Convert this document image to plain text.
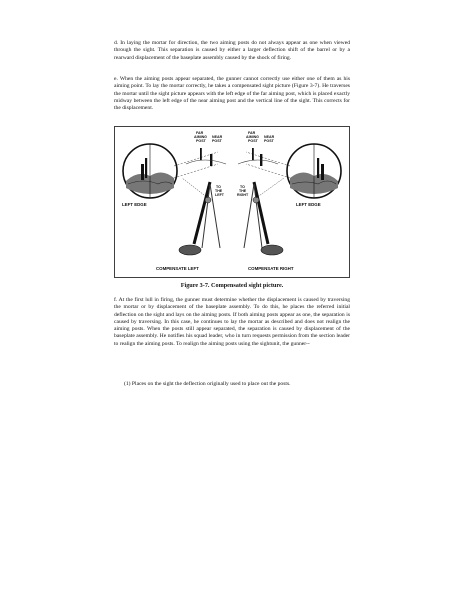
d. In laying the mortar for direction, the two aiming posts do not always appear as one when viewed through the sight. This separation is caused by either a larger deflection shift of the barrel or by a rearward displacement of the baseplate assembly caused by the shock of firing.

e. When the aiming posts appear separated, the gunner cannot correctly use either one of them as his aiming point. To lay the mortar correctly, he takes a compensated sight picture (Figure 3-7). He traverses the mortar until the sight picture appears with the left edge of the far aiming post, which is placed exactly midway between the left edge of the near aiming post and the vertical line of the sight. This corrects for the displacement.

FAR
AIMING
POST
NEAR
POST
TO
THE
LEFT
LEFT EDGE
COMPENSATE LEFT
FAR
AIMING
POST
NEAR
POST
TO
THE
RIGHT
LEFT EDGE
COMPENSATE RIGHT

Figure 3-7. Compensated sight picture.

f. At the first lull in firing, the gunner must determine whether the displacement is caused by traversing the mortar or by displacement of the baseplate assembly. To do this, he places the referred initial deflection on the sight and lays on the aiming posts. If both aiming posts appear as one, the separation is caused by traversing. In this case, he continues to lay the mortar as described and does not realign the aiming posts. When the posts still appear separated, the separation is caused by displacement of the baseplate assembly. He notifies his squad leader, who in turn requests permission from the section leader to realign the aiming posts. To realign the aiming posts using the sightunit, the gunner--

(1) Places on the sight the deflection originally used to place out the posts.
